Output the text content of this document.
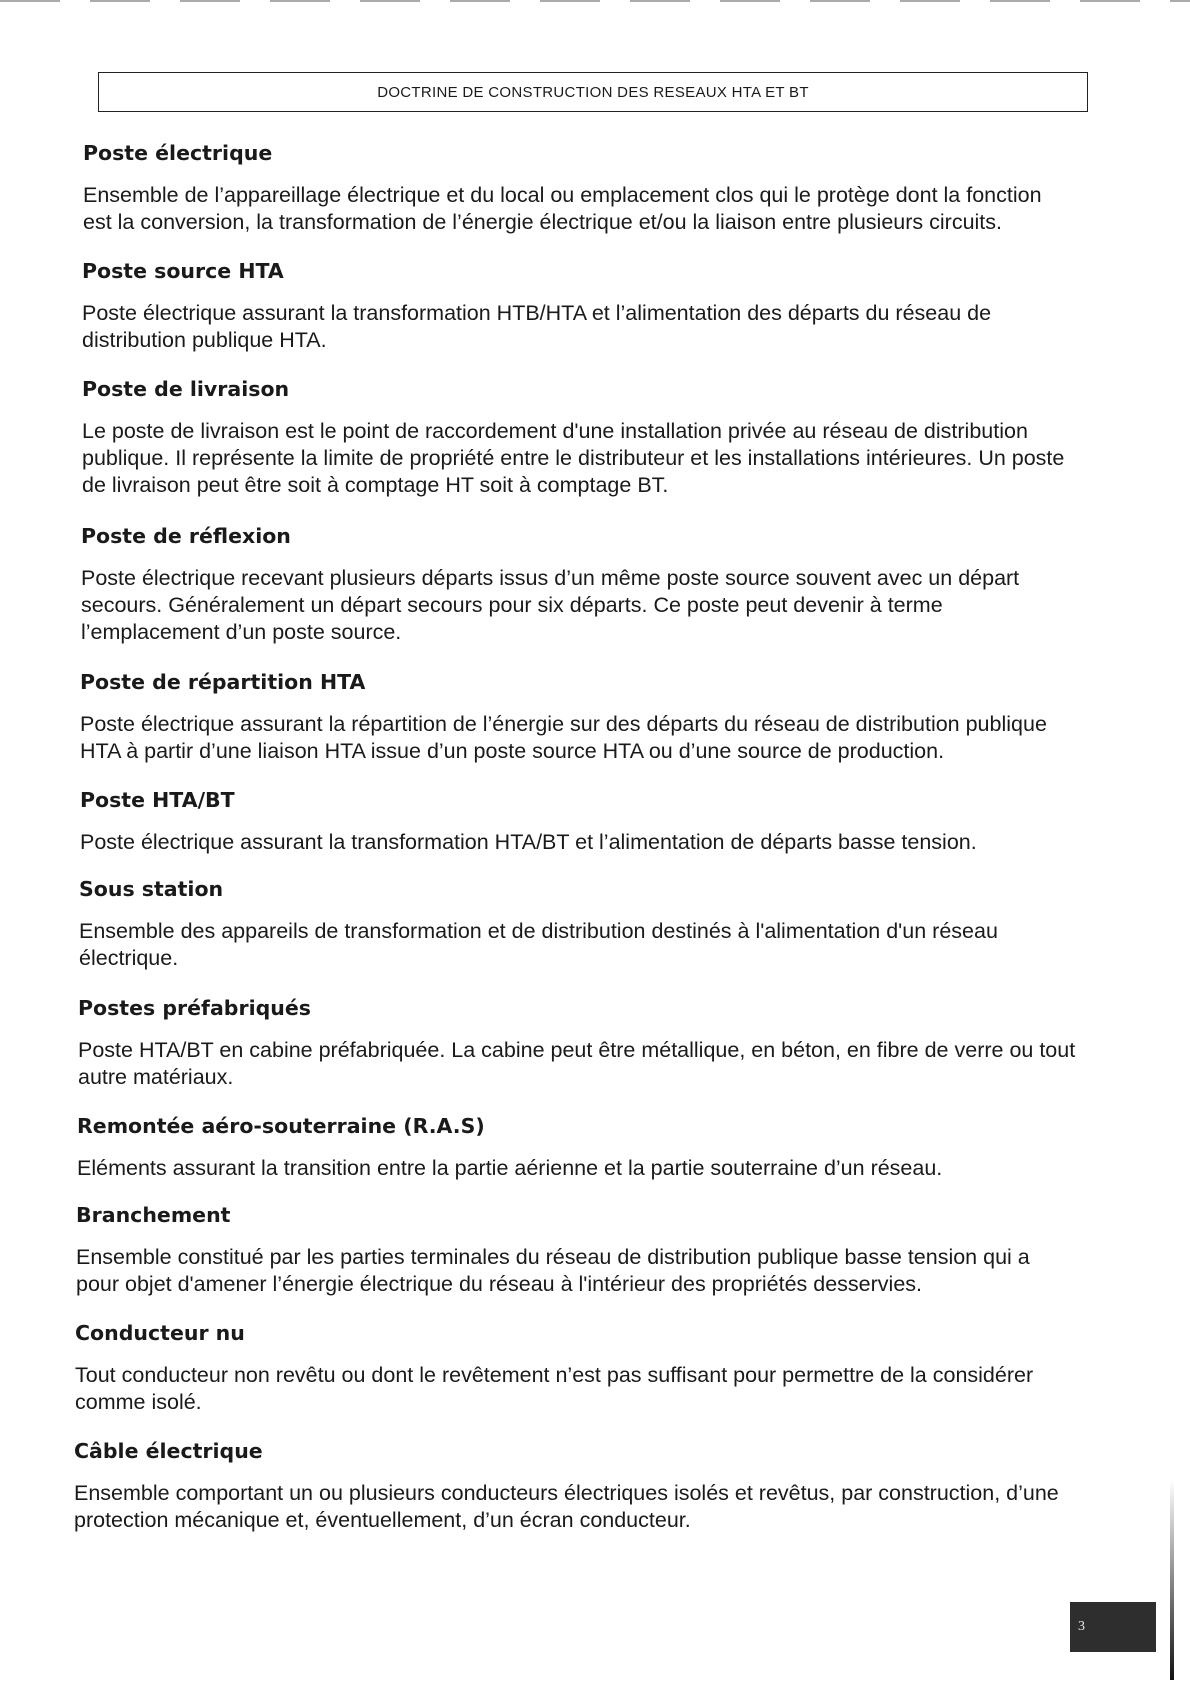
DOCTRINE DE CONSTRUCTION DES RESEAUX HTA ET BT

Poste électrique

Ensemble de l’appareillage électrique et du local ou emplacement clos qui le protège dont la fonction est la conversion, la transformation de l’énergie électrique et/ou la liaison entre plusieurs circuits.

Poste source HTA

Poste électrique assurant la transformation HTB/HTA et l’alimentation des départs du réseau de distribution publique HTA.

Poste de livraison

Le poste de livraison est le point de raccordement d'une installation privée au réseau de distribution publique. Il représente la limite de propriété entre le distributeur et les installations intérieures. Un poste de livraison peut être soit à comptage HT soit à comptage BT.

Poste de réflexion

Poste électrique recevant plusieurs départs issus d’un même poste source souvent avec un départ secours. Généralement un départ secours pour six départs. Ce poste peut devenir à terme l’emplacement d’un poste source.

Poste de répartition HTA

Poste électrique assurant la répartition de l’énergie sur des départs du réseau de distribution publique HTA à partir d’une liaison HTA issue d’un poste source HTA ou d’une source de production.

Poste HTA/BT

Poste électrique assurant la transformation HTA/BT et l’alimentation de départs basse tension.

Sous station

Ensemble des appareils de transformation et de distribution destinés à l'alimentation d'un réseau électrique.

Postes préfabriqués

Poste HTA/BT en cabine préfabriquée. La cabine peut être métallique, en béton, en fibre de verre ou tout autre matériaux.

Remontée aéro-souterraine (R.A.S)

Eléments assurant la transition entre la partie aérienne et la partie souterraine d’un réseau.

Branchement

Ensemble constitué par les parties terminales du réseau de distribution publique basse tension qui a pour objet d'amener l’énergie électrique du réseau à l'intérieur des propriétés desservies.

Conducteur nu

Tout conducteur non revêtu ou dont le revêtement n’est pas suffisant pour permettre de la considérer comme isolé.

Câble électrique

Ensemble comportant un ou plusieurs conducteurs électriques isolés et revêtus, par construction, d’une protection mécanique et, éventuellement, d’un écran conducteur.

3
